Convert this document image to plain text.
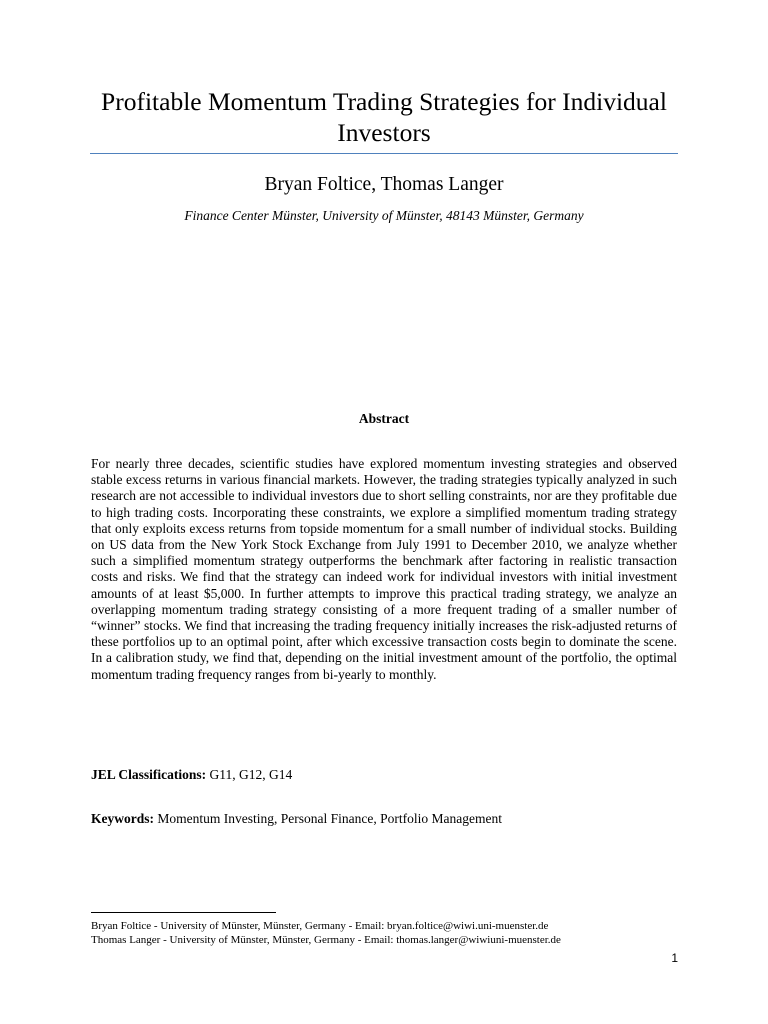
Profitable Momentum Trading Strategies for Individual Investors
Bryan Foltice, Thomas Langer
Finance Center Münster, University of Münster, 48143 Münster, Germany
Abstract

For nearly three decades, scientific studies have explored momentum investing strategies and observed stable excess returns in various financial markets. However, the trading strategies typically analyzed in such research are not accessible to individual investors due to short selling constraints, nor are they profitable due to high trading costs. Incorporating these constraints, we explore a simplified momentum trading strategy that only exploits excess returns from topside momentum for a small number of individual stocks. Building on US data from the New York Stock Exchange from July 1991 to December 2010, we analyze whether such a simplified momentum strategy outperforms the benchmark after factoring in realistic transaction costs and risks. We find that the strategy can indeed work for individual investors with initial investment amounts of at least $5,000. In further attempts to improve this practical trading strategy, we analyze an overlapping momentum trading strategy consisting of a more frequent trading of a smaller number of “winner” stocks. We find that increasing the trading frequency initially increases the risk-adjusted returns of these portfolios up to an optimal point, after which excessive transaction costs begin to dominate the scene. In a calibration study, we find that, depending on the initial investment amount of the portfolio, the optimal momentum trading frequency ranges from bi-yearly to monthly.

JEL Classifications: G11, G12, G14

Keywords: Momentum Investing, Personal Finance, Portfolio Management

Bryan Foltice - University of Münster, Münster, Germany - Email: bryan.foltice@wiwi.uni-muenster.de

Thomas Langer - University of Münster, Münster, Germany - Email: thomas.langer@wiwiuni-muenster.de

1
